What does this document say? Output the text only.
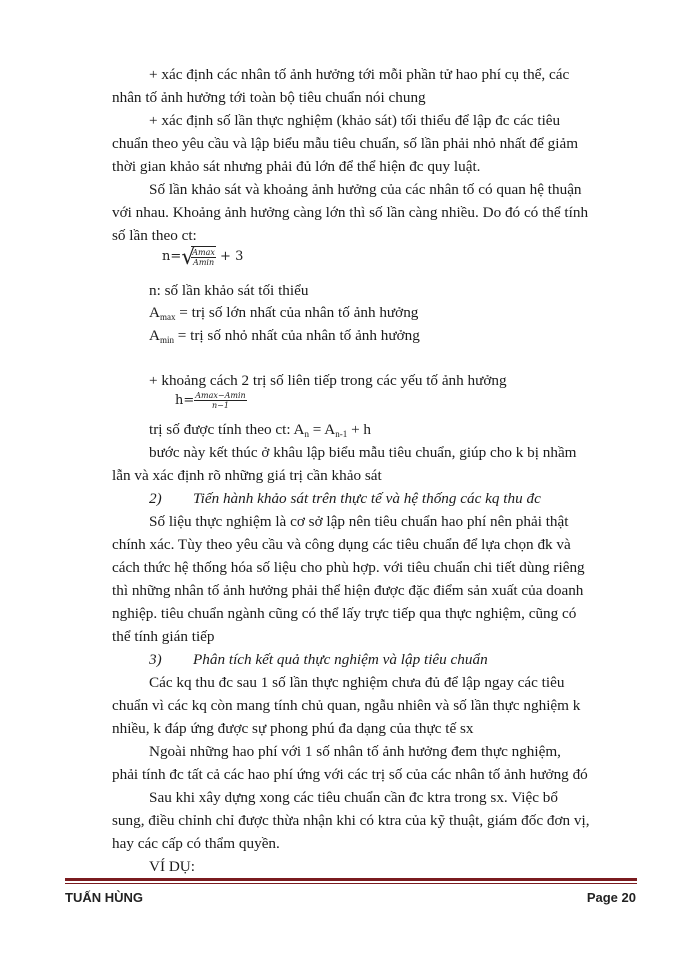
+ xác định các nhân tố ảnh hưởng tới mỗi phần tử hao phí cụ thể, các
nhân tố ảnh hưởng tới toàn bộ tiêu chuẩn nói chung
+ xác định số lần thực nghiệm (khảo sát) tối thiểu để lập đc các tiêu
chuẩn theo yêu cầu và lập biểu mẫu tiêu chuẩn, số lần phải nhỏ nhất để giảm
thời gian khảo sát nhưng phải đủ lớn để thể hiện đc quy luật.
Số lần khảo sát và khoảng ảnh hưởng của các nhân tố có quan hệ thuận
với nhau. Khoảng ảnh hưởng càng lớn thì số lần càng nhiều. Do đó có thể tính
số lần theo ct:
n= √
$\frac{Amax}{Amin} + 3$
n: số lần khảo sát tối thiểu
$A_{max}$ = trị số lớn nhất của nhân tố ảnh hưởng
$A_{min}$ = trị số nhỏ nhất của nhân tố ảnh hưởng
+ khoảng cách 2 trị số liên tiếp trong các yếu tố ảnh hưởng
$h= \frac{Amax-Amin}{n-1}$
trị số được tính theo ct: $A_n = A_{n-1} + h$
bước này kết thúc ở khâu lập biểu mẫu tiêu chuẩn, giúp cho k bị nhầm
lẫn và xác định rõ những giá trị cần khảo sát
2) Tiến hành khảo sát trên thực tế và hệ thống các kq thu đc
Số liệu thực nghiệm là cơ sở lập nên tiêu chuẩn hao phí nên phải thật
chính xác. Tùy theo yêu cầu và công dụng các tiêu chuẩn để lựa chọn đk và
cách thức hệ thống hóa số liệu cho phù hợp. với tiêu chuẩn chi tiết dùng riêng
thì những nhân tố ảnh hưởng phải thể hiện được đặc điểm sản xuất của doanh
nghiệp. tiêu chuẩn ngành cũng có thể lấy trực tiếp qua thực nghiệm, cũng có
thể tính gián tiếp
3) Phân tích kết quả thực nghiệm và lập tiêu chuẩn
Các kq thu đc sau 1 số lần thực nghiệm chưa đủ để lập ngay các tiêu
chuẩn vì các kq còn mang tính chủ quan, ngẫu nhiên và số lần thực nghiệm k
nhiều, k đáp ứng được sự phong phú đa dạng của thực tế sx
Ngoài những hao phí với 1 số nhân tố ảnh hưởng đem thực nghiệm,
phải tính đc tất cả các hao phí ứng với các trị số của các nhân tố ảnh hưởng đó
Sau khi xây dựng xong các tiêu chuẩn cần đc ktra trong sx. Việc bổ
sung, điều chỉnh chỉ được thừa nhận khi có ktra của kỹ thuật, giám đốc đơn vị,
hay các cấp có thẩm quyền.
VÍ DỤ:
TUẤN HÙNG	Page 20
